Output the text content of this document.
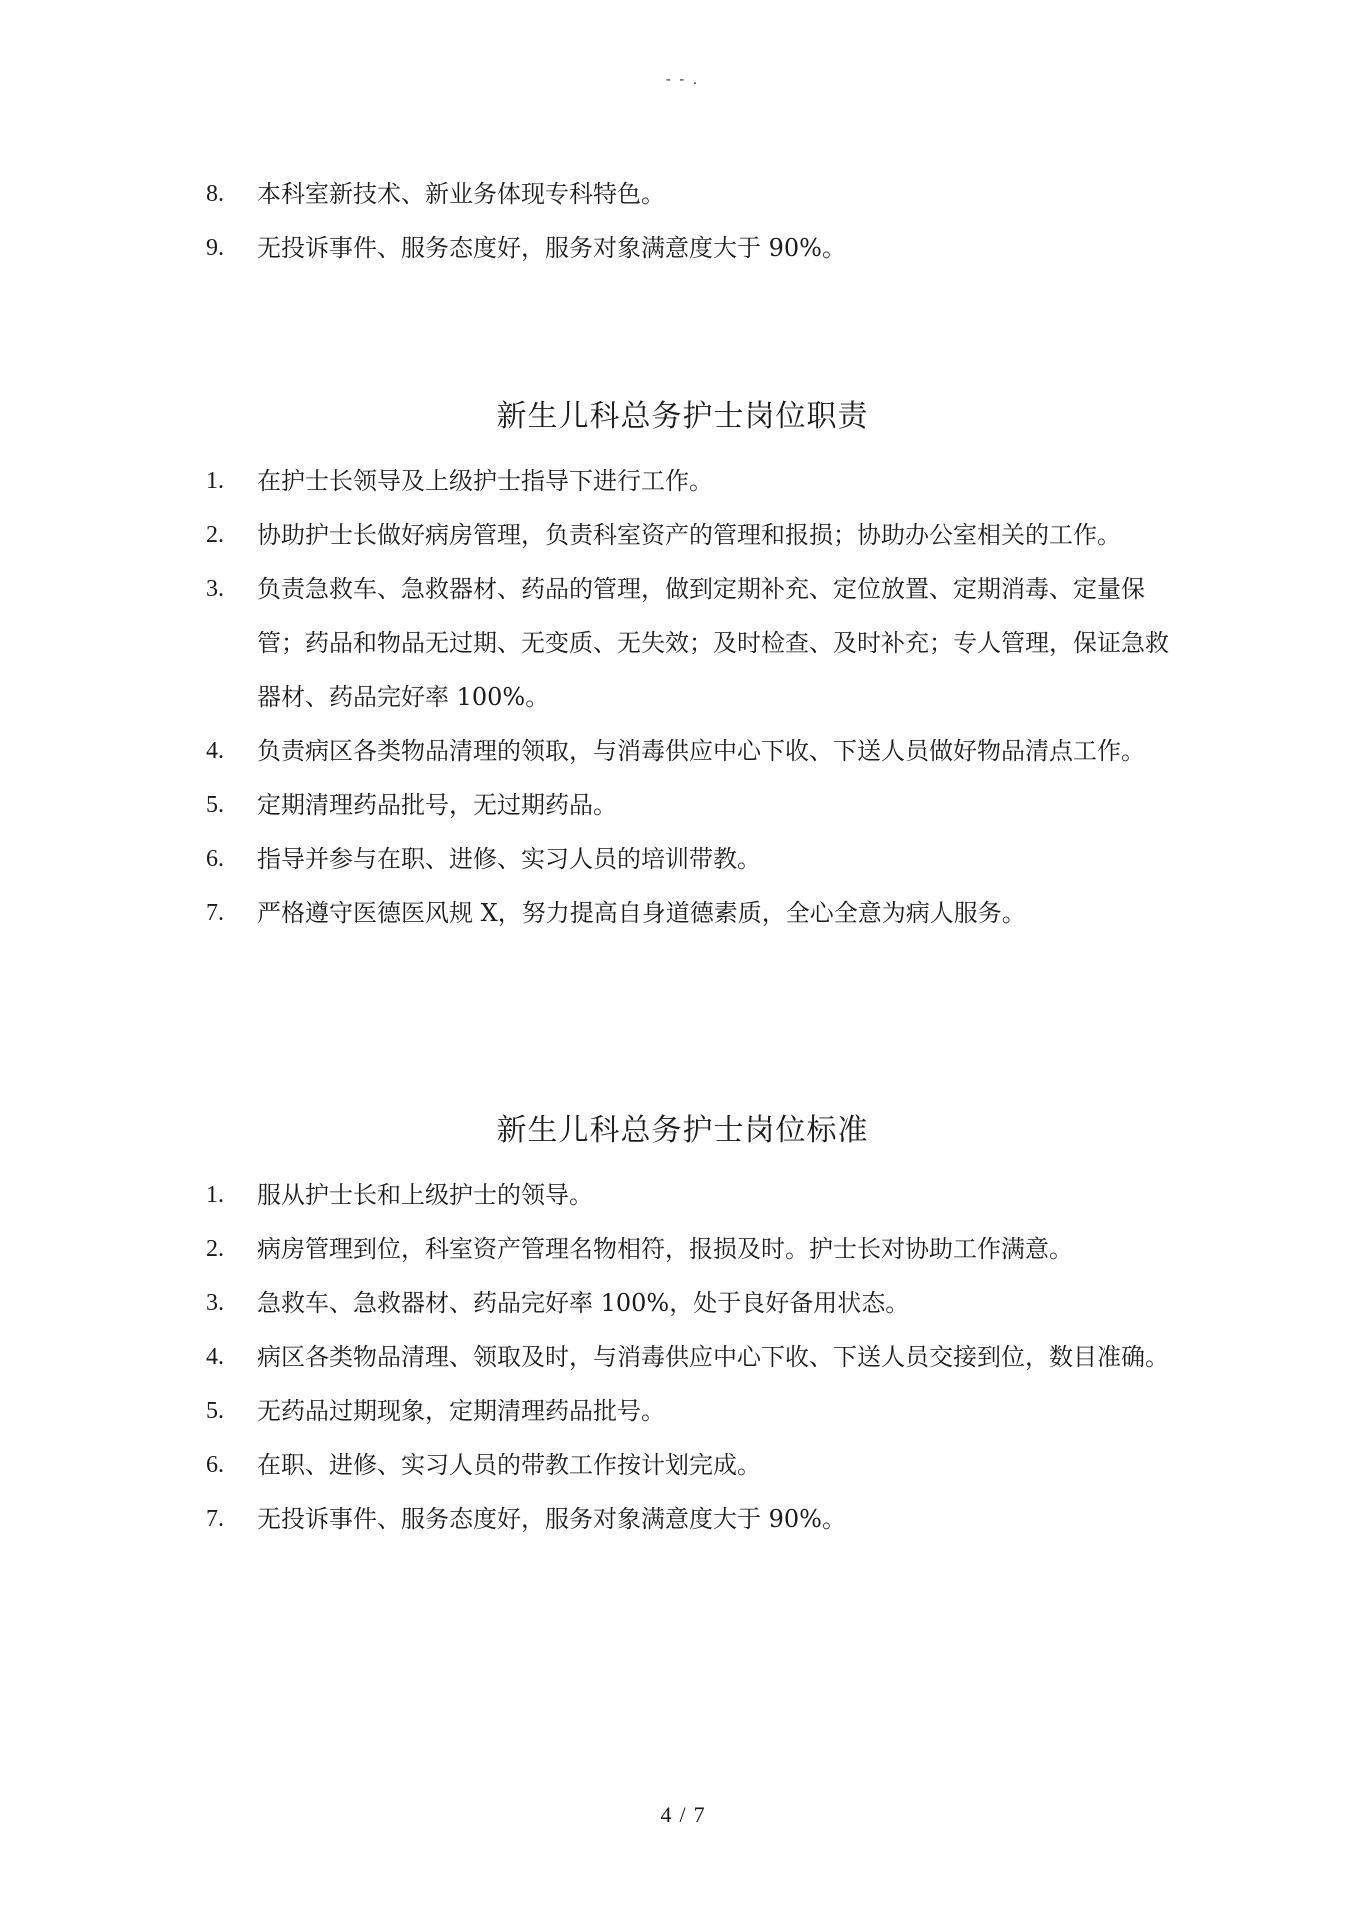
- - .
8.	本科室新技术、新业务体现专科特色。
9.	无投诉事件、服务态度好，服务对象满意度大于 90%。
新生儿科总务护士岗位职责
1.	在护士长领导及上级护士指导下进行工作。
2.	协助护士长做好病房管理，负责科室资产的管理和报损；协助办公室相关的工作。
3.	负责急救车、急救器材、药品的管理，做到定期补充、定位放置、定期消毒、定量保管；药品和物品无过期、无变质、无失效；及时检查、及时补充；专人管理，保证急救器材、药品完好率 100%。
4.	负责病区各类物品清理的领取，与消毒供应中心下收、下送人员做好物品清点工作。
5.	定期清理药品批号，无过期药品。
6.	指导并参与在职、进修、实习人员的培训带教。
7.	严格遵守医德医风规 X，努力提高自身道德素质，全心全意为病人服务。
新生儿科总务护士岗位标准
1.	服从护士长和上级护士的领导。
2.	病房管理到位，科室资产管理名物相符，报损及时。护士长对协助工作满意。
3.	急救车、急救器材、药品完好率 100%，处于良好备用状态。
4.	病区各类物品清理、领取及时，与消毒供应中心下收、下送人员交接到位，数目准确。
5.	无药品过期现象，定期清理药品批号。
6.	在职、进修、实习人员的带教工作按计划完成。
7.	无投诉事件、服务态度好，服务对象满意度大于 90%。
4 / 7
